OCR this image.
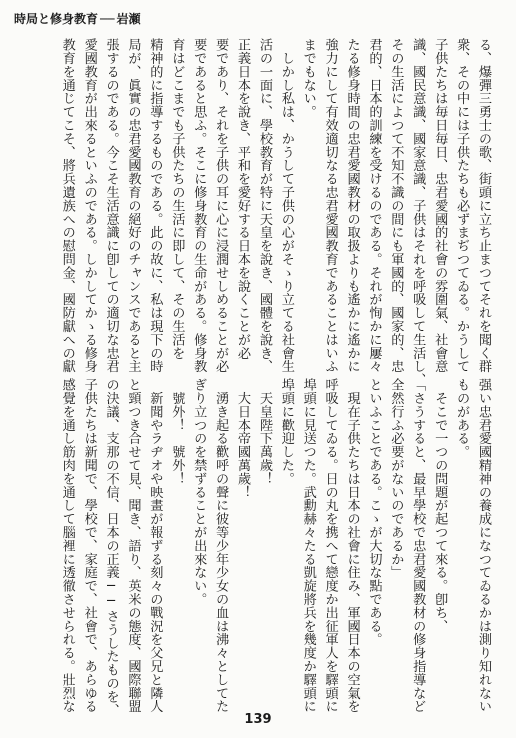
時局と修身教育 ── 岩瀬
る、爆彈三勇士の歌、街頭に立ち止まつてそれを聞く群
衆、その中には子供たちも必ずまぢつてゐる。かうして
子供たちは毎日毎日、忠君愛國的社會の雰圍氣、社會意
識、國民意識、國家意識、子供はそれを呼吸して生活し、
その生活によつて不知不識の間にも軍國的、國家的、忠
君的、日本的訓練を受けるのである。それが恂かに屢々
たる修身時間の忠君愛國教材の取扱よりも遙かに遙かに
強力にして有效適切なる忠君愛國教育であることはいふ
までもない。
　しかし私は、かうして子供の心がそゝり立てる社會生
活の一面に、學校教育が特に天皇を說き、國體を說き、
正義日本を說き、平和を愛好する日本を說くことが必
要であり、それを子供の耳に心に浸潤せしめることが必
要であると思ふ。そこに修身教育の生命がある。修身教
育はどこまでも子供たちの生活に即して、その生活を
精神的に指導するものである。此の故に、私は現下の時
局が、眞實の忠君愛國教育の絕好のチャンスであると主
張するのである。今こそ生活意識に卽しての適切な忠君
愛國教育が出來るといふのである。しかしてかゝる修身
教育を通じてこそ、將兵遺族への慰問金、國防獻への獻
强い忠君愛國精神の養成になつてゐるかは測り知れない
ものがある。
　そこで一つの問題が起つて來る。卽ち、
「さうすると、最早學校で忠君愛國教材の修身指導など
全然行ふ必要がないのであるか」
といふことである。こゝが大切な點である。
　現在子供たちは日本の社會に住み、軍國日本の空氣を
呼吸してゐる。日の丸を携へて戀度か出征軍人を驛頭に
埠頭に見送つた。武勳赫々たる凱旋將兵を幾度か驛頭に
埠頭に歡迎した。
　天皇陛下萬歲！
　大日本帝國萬歲！
　湧き起る歡呼の聲に彼等少年少女の血は沸々としてた
ぎり立つのを禁ずることが出來ない。
　號外！　號外！
　新聞やラヂオや映畫が報ずる刻々の戰況を父兄と隣人
と頸つき合せて見、聞き、語り、英米の態度、國際聯盟
の決議、支那の不信、日本の正義──さうしたものを、
子供たちは新聞で、學校で、家庭で、社會で、あらゆる
感覺を通し筋肉を通して腦裡に透徹させられる。壯烈な
139
